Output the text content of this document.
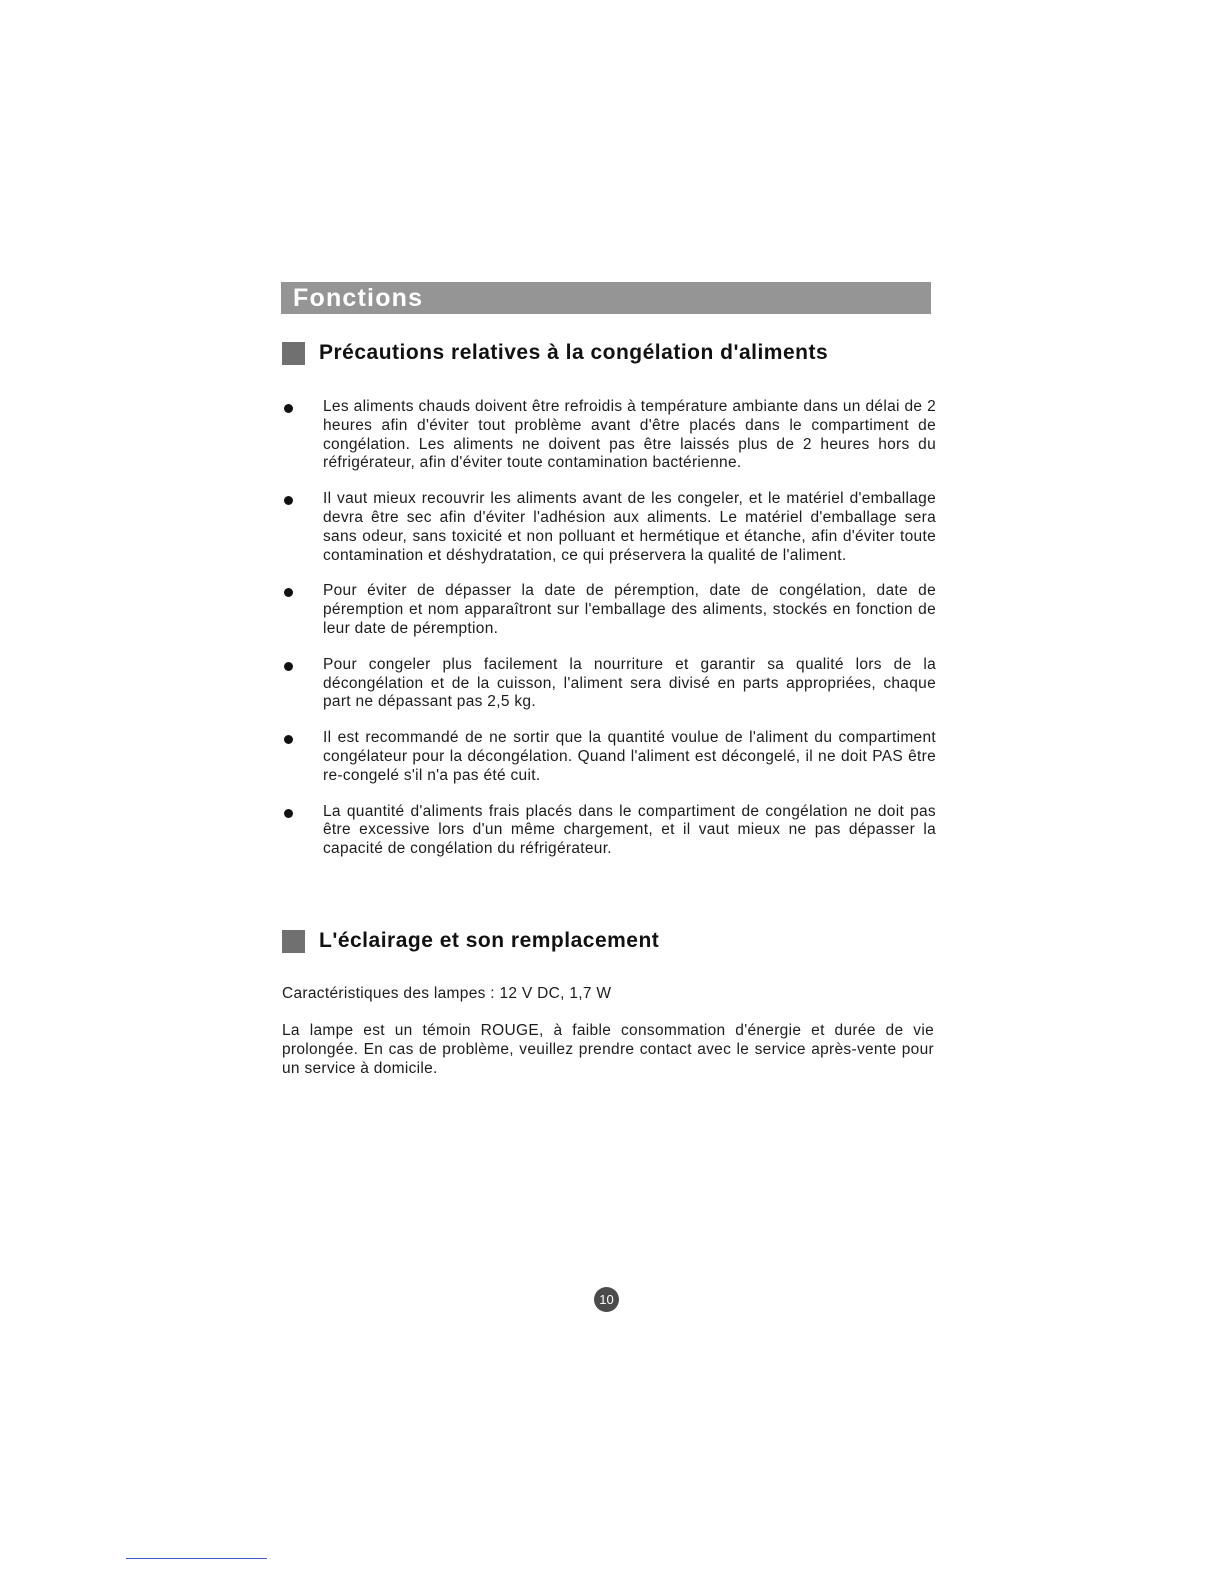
Fonctions
Précautions relatives à la congélation d'aliments
Les aliments chauds doivent être refroidis à température ambiante dans un délai de 2 heures afin d'éviter tout problème avant d'être placés dans le compartiment de congélation. Les aliments ne doivent pas être laissés plus de 2 heures hors du réfrigérateur, afin d'éviter toute contamination bactérienne.
Il vaut mieux recouvrir les aliments avant de les congeler, et le matériel d'emballage devra être sec afin d'éviter l'adhésion aux aliments. Le matériel d'emballage sera sans odeur, sans toxicité et non polluant et hermétique et étanche, afin d'éviter toute contamination et déshydratation, ce qui préservera la qualité de l'aliment.
Pour éviter de dépasser la date de péremption, date de congélation, date de péremption et nom apparaîtront sur l'emballage des aliments, stockés en fonction de leur date de péremption.
Pour congeler plus facilement la nourriture et garantir sa qualité lors de la décongélation et de la cuisson, l'aliment sera divisé en parts appropriées, chaque part ne dépassant pas 2,5 kg.
Il est recommandé de ne sortir que la quantité voulue de l'aliment du compartiment congélateur pour la décongélation. Quand l'aliment est décongelé, il ne doit PAS être re-congelé s'il n'a pas été cuit.
La quantité d'aliments frais placés dans le compartiment de congélation ne doit pas être excessive lors d'un même chargement, et il vaut mieux ne pas dépasser la capacité de congélation du réfrigérateur.
L'éclairage et son remplacement

Caractéristiques des lampes : 12 V DC, 1,7 W

La lampe est un témoin ROUGE, à faible consommation d'énergie et durée de vie prolongée. En cas de problème, veuillez prendre contact avec le service après-vente pour un service à domicile.

10
